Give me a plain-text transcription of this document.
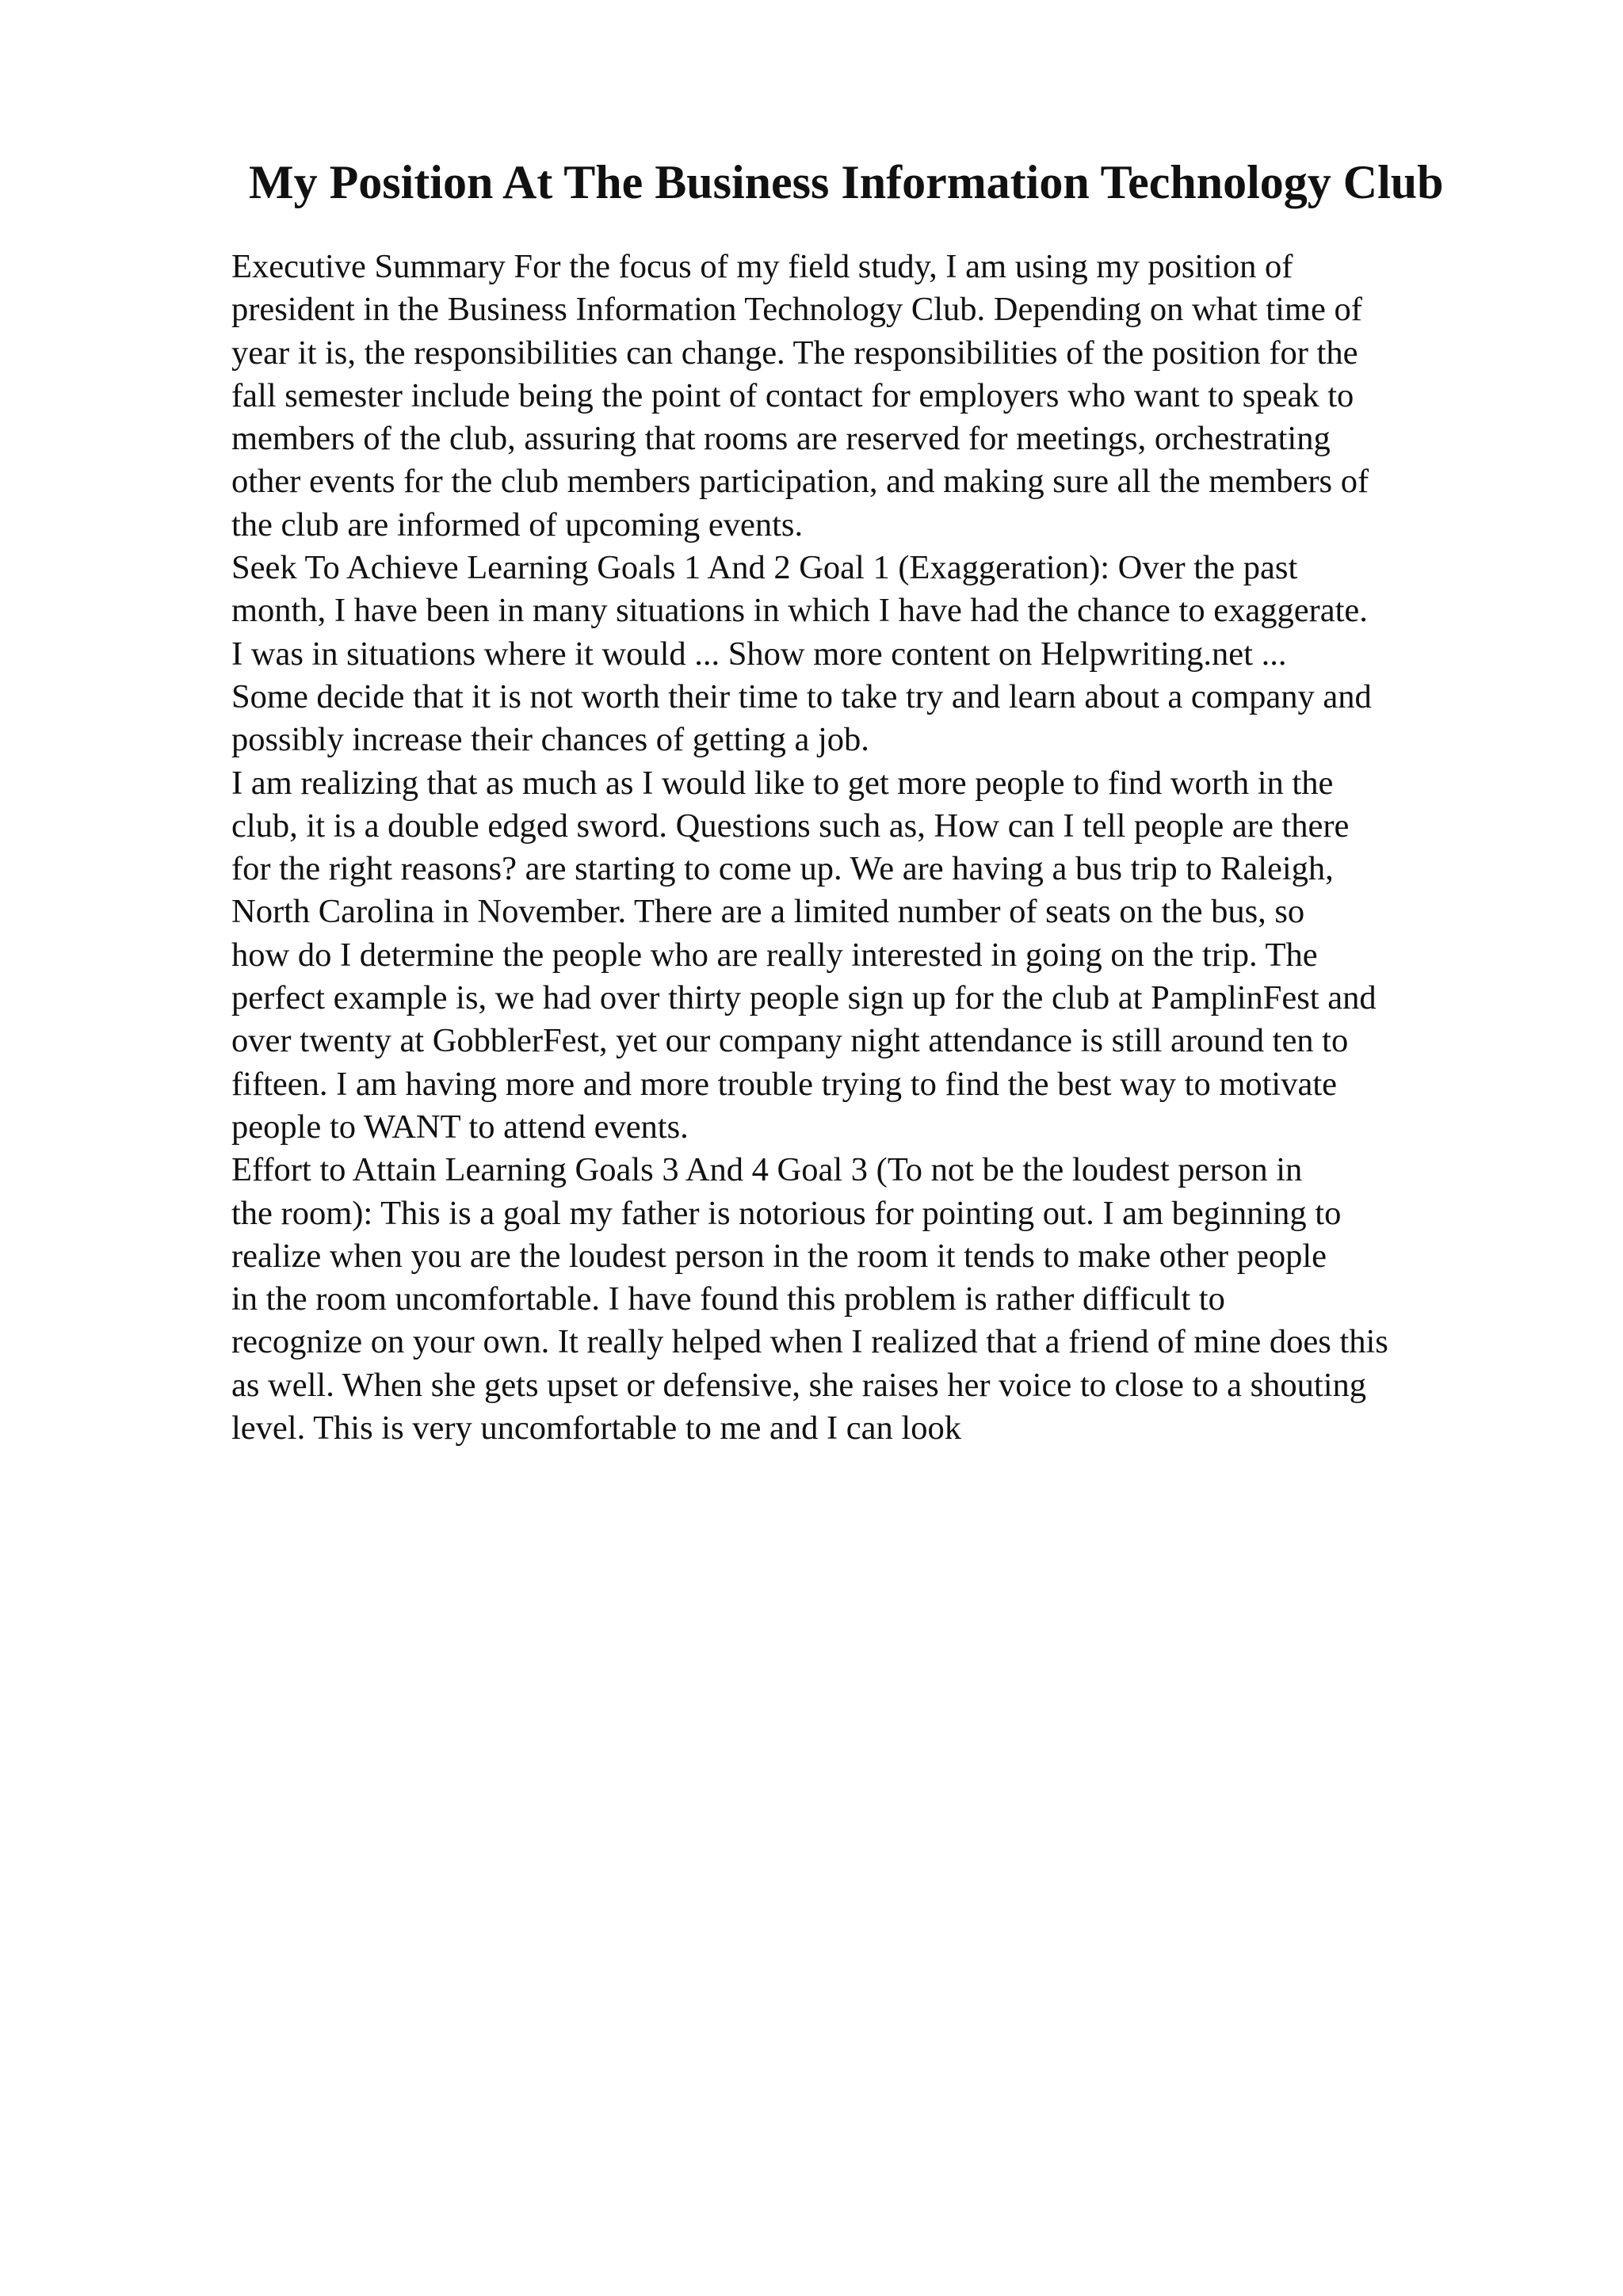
My Position At The Business Information Technology Club
Executive Summary For the focus of my field study, I am using my position of
president in the Business Information Technology Club. Depending on what time of
year it is, the responsibilities can change. The responsibilities of the position for the
fall semester include being the point of contact for employers who want to speak to
members of the club, assuring that rooms are reserved for meetings, orchestrating
other events for the club members participation, and making sure all the members of
the club are informed of upcoming events.
Seek To Achieve Learning Goals 1 And 2 Goal 1 (Exaggeration): Over the past
month, I have been in many situations in which I have had the chance to exaggerate.
I was in situations where it would ... Show more content on Helpwriting.net ...
Some decide that it is not worth their time to take try and learn about a company and
possibly increase their chances of getting a job.
I am realizing that as much as I would like to get more people to find worth in the
club, it is a double edged sword. Questions such as, How can I tell people are there
for the right reasons? are starting to come up. We are having a bus trip to Raleigh,
North Carolina in November. There are a limited number of seats on the bus, so
how do I determine the people who are really interested in going on the trip. The
perfect example is, we had over thirty people sign up for the club at PamplinFest and
over twenty at GobblerFest, yet our company night attendance is still around ten to
fifteen. I am having more and more trouble trying to find the best way to motivate
people to WANT to attend events.
Effort to Attain Learning Goals 3 And 4 Goal 3 (To not be the loudest person in
the room): This is a goal my father is notorious for pointing out. I am beginning to
realize when you are the loudest person in the room it tends to make other people
in the room uncomfortable. I have found this problem is rather difficult to
recognize on your own. It really helped when I realized that a friend of mine does this
as well. When she gets upset or defensive, she raises her voice to close to a shouting
level. This is very uncomfortable to me and I can look
